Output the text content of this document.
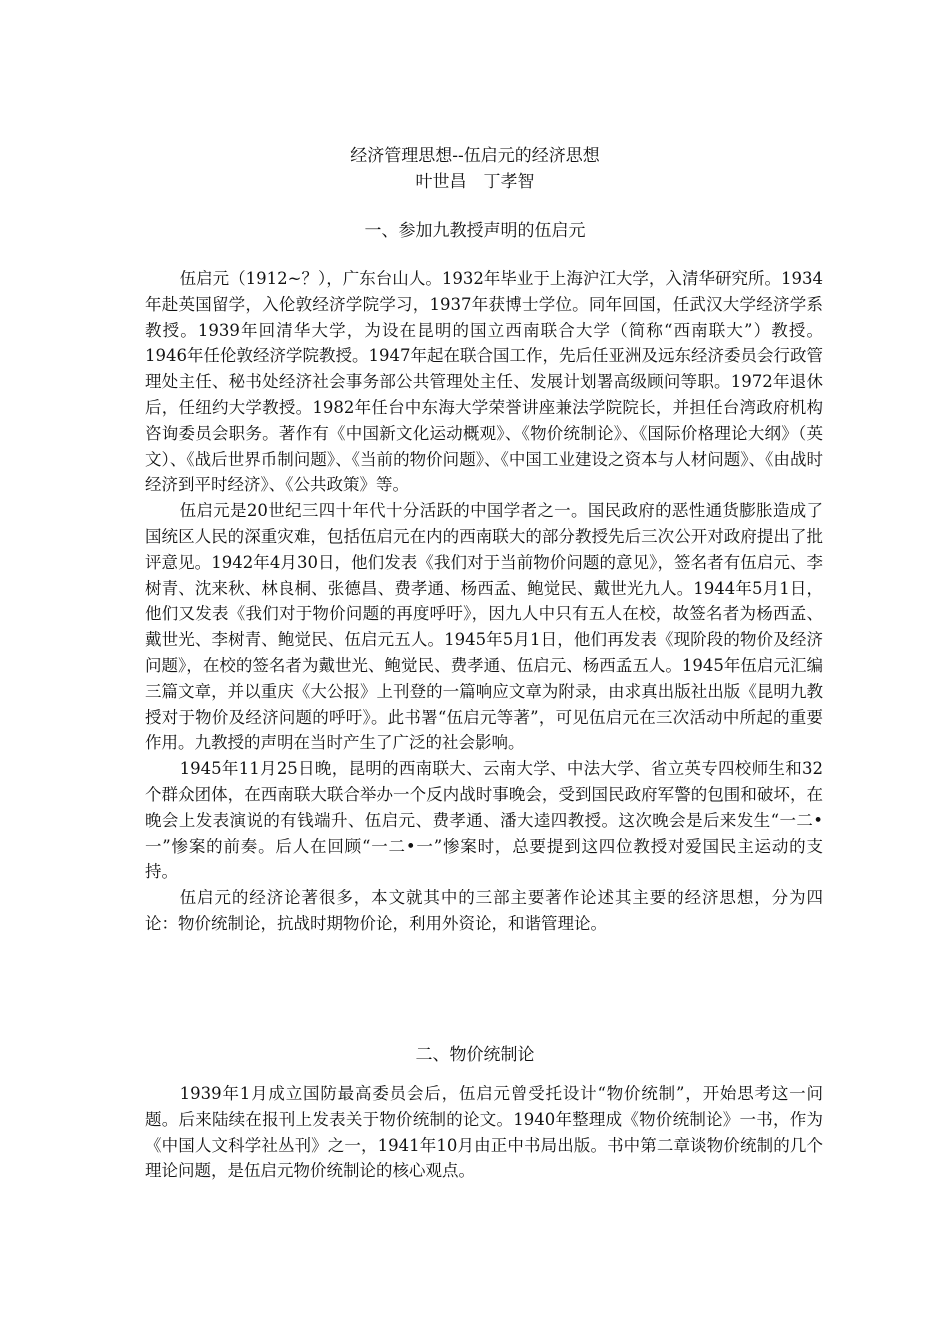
经济管理思想--伍启元的经济思想
叶世昌　丁孝智
一、参加九教授声明的伍启元

伍启元（1912~？），广东台山人。1932年毕业于上海沪江大学，入清华研究所。1934年赴英国留学，入伦敦经济学院学习，1937年获博士学位。同年回国，任武汉大学经济学系教授。1939年回清华大学，为设在昆明的国立西南联合大学（简称“西南联大”）教授。1946年任伦敦经济学院教授。1947年起在联合国工作，先后任亚洲及远东经济委员会行政管理处主任、秘书处经济社会事务部公共管理处主任、发展计划署高级顾问等职。1972年退休后，任纽约大学教授。1982年任台中东海大学荣誉讲座兼法学院院长，并担任台湾政府机构咨询委员会职务。著作有《中国新文化运动概观》、《物价统制论》、《国际价格理论大纲》（英文）、《战后世界币制问题》、《当前的物价问题》、《中国工业建设之资本与人材问题》、《由战时经济到平时经济》、《公共政策》等。

伍启元是20世纪三四十年代十分活跃的中国学者之一。国民政府的恶性通货膨胀造成了国统区人民的深重灾难，包括伍启元在内的西南联大的部分教授先后三次公开对政府提出了批评意见。1942年4月30日，他们发表《我们对于当前物价问题的意见》，签名者有伍启元、李树青、沈来秋、林良桐、张德昌、费孝通、杨西孟、鲍觉民、戴世光九人。1944年5月1日，他们又发表《我们对于物价问题的再度呼吁》，因九人中只有五人在校，故签名者为杨西孟、戴世光、李树青、鲍觉民、伍启元五人。1945年5月1日，他们再发表《现阶段的物价及经济问题》，在校的签名者为戴世光、鲍觉民、费孝通、伍启元、杨西孟五人。1945年伍启元汇编三篇文章，并以重庆《大公报》上刊登的一篇响应文章为附录，由求真出版社出版《昆明九教授对于物价及经济问题的呼吁》。此书署“伍启元等著”，可见伍启元在三次活动中所起的重要作用。九教授的声明在当时产生了广泛的社会影响。

1945年11月25日晚，昆明的西南联大、云南大学、中法大学、省立英专四校师生和32个群众团体，在西南联大联合举办一个反内战时事晚会，受到国民政府军警的包围和破坏，在晚会上发表演说的有钱端升、伍启元、费孝通、潘大逵四教授。这次晚会是后来发生“一二•一”惨案的前奏。后人在回顾“一二•一”惨案时，总要提到这四位教授对爱国民主运动的支持。

伍启元的经济论著很多，本文就其中的三部主要著作论述其主要的经济思想，分为四论：物价统制论，抗战时期物价论，利用外资论，和谐管理论。

二、物价统制论

1939年1月成立国防最高委员会后，伍启元曾受托设计“物价统制”，开始思考这一问题。后来陆续在报刊上发表关于物价统制的论文。1940年整理成《物价统制论》一书，作为《中国人文科学社丛刊》之一，1941年10月由正中书局出版。书中第二章谈物价统制的几个理论问题，是伍启元物价统制论的核心观点。
